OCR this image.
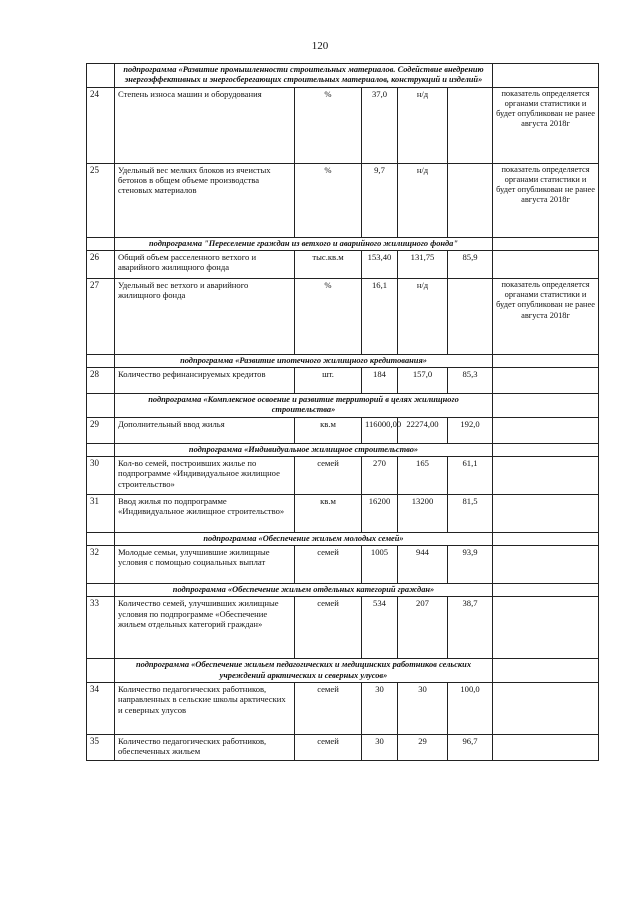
120
	подпрограмма «Развитие промышленности строительных материалов. Содействие внедрению энергоэффективных и энергосберегающих строительных материалов, конструкций и изделий»					
24	Степень износа машин и оборудования	%	37,0	н/д		показатель определяется органами статистики и будет опубликован не ранее августа 2018г
25	Удельный вес мелких блоков из ячеистых бетонов в общем объеме производства стеновых материалов	%	9,7	н/д		показатель определяется органами статистики и будет опубликован не ранее августа 2018г
	подпрограмма "Переселение граждан из ветхого и аварийного жилищного фонда"					
26	Общий объем расселенного ветхого и аварийного жилищного фонда	тыс.кв.м	153,40	131,75	85,9	
27	Удельный вес ветхого и аварийного жилищного фонда	%	16,1	н/д		показатель определяется органами статистики и будет опубликован не ранее августа 2018г
	подпрограмма «Развитие ипотечного жилищного кредитования»					
28	Количество рефинансируемых кредитов	шт.	184	157,0	85,3	
	подпрограмма «Комплексное освоение и развитие территорий в целях жилищного строительства»					
29	Дополнительный ввод жилья	кв.м	116000,00	22274,00	192,0	
	подпрограмма «Индивидуальное жилищное строительство»					
30	Кол-во семей, построивших жилье по подпрограмме «Индивидуальное жилищное строительство»	семей	270	165	61,1	
31	Ввод жилья по подпрограмме «Индивидуальное жилищное строительство»	кв.м	16200	13200	81,5	
	подпрограмма «Обеспечение жильем молодых семей»					
32	Молодые семьи, улучшившие жилищные условия с помощью социальных выплат	семей	1005	944	93,9	
	подпрограмма «Обеспечение жильем отдельных категорий граждан»					
33	Количество семей, улучшивших жилищные условия по подпрограмме «Обеспечение жильем отдельных категорий граждан»	семей	534	207	38,7	
	подпрограмма «Обеспечение жильем педагогических и медицинских работников сельских учреждений арктических и северных улусов»					
34	Количество педагогических работников, направленных в сельские школы арктических и северных улусов	семей	30	30	100,0	
35	Количество педагогических работников, обеспеченных жильем	семей	30	29	96,7	
